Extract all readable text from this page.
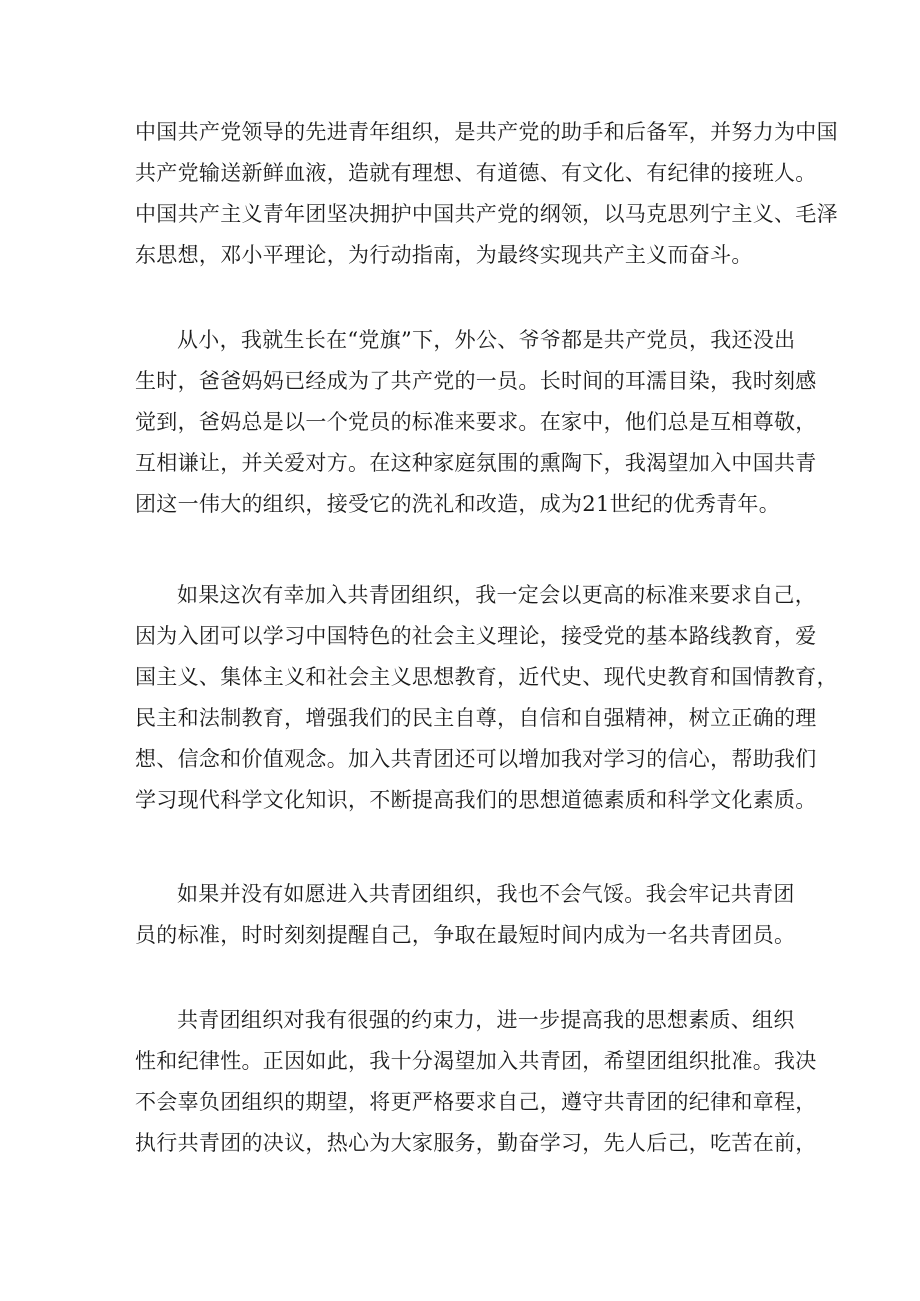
中国共产党领导的先进青年组织，是共产党的助手和后备军，并努力为中国
共产党输送新鲜血液，造就有理想、有道德、有文化、有纪律的接班人。
中国共产主义青年团坚决拥护中国共产党的纲领，以马克思列宁主义、毛泽
东思想，邓小平理论，为行动指南，为最终实现共产主义而奋斗。
从小，我就生长在“党旗”下，外公、爷爷都是共产党员，我还没出
生时，爸爸妈妈已经成为了共产党的一员。长时间的耳濡目染，我时刻感
觉到，爸妈总是以一个党员的标准来要求。在家中，他们总是互相尊敬，
互相谦让，并关爱对方。在这种家庭氛围的熏陶下，我渴望加入中国共青
团这一伟大的组织，接受它的洗礼和改造，成为21世纪的优秀青年。
如果这次有幸加入共青团组织，我一定会以更高的标准来要求自己，
因为入团可以学习中国特色的社会主义理论，接受党的基本路线教育，爱
国主义、集体主义和社会主义思想教育，近代史、现代史教育和国情教育，
民主和法制教育，增强我们的民主自尊，自信和自强精神，树立正确的理
想、信念和价值观念。加入共青团还可以增加我对学习的信心，帮助我们
学习现代科学文化知识，不断提高我们的思想道德素质和科学文化素质。
如果并没有如愿进入共青团组织，我也不会气馁。我会牢记共青团
员的标准，时时刻刻提醒自己，争取在最短时间内成为一名共青团员。
共青团组织对我有很强的约束力，进一步提高我的思想素质、组织
性和纪律性。正因如此，我十分渴望加入共青团，希望团组织批准。我决
不会辜负团组织的期望，将更严格要求自己，遵守共青团的纪律和章程，
执行共青团的决议，热心为大家服务，勤奋学习，先人后己，吃苦在前，
